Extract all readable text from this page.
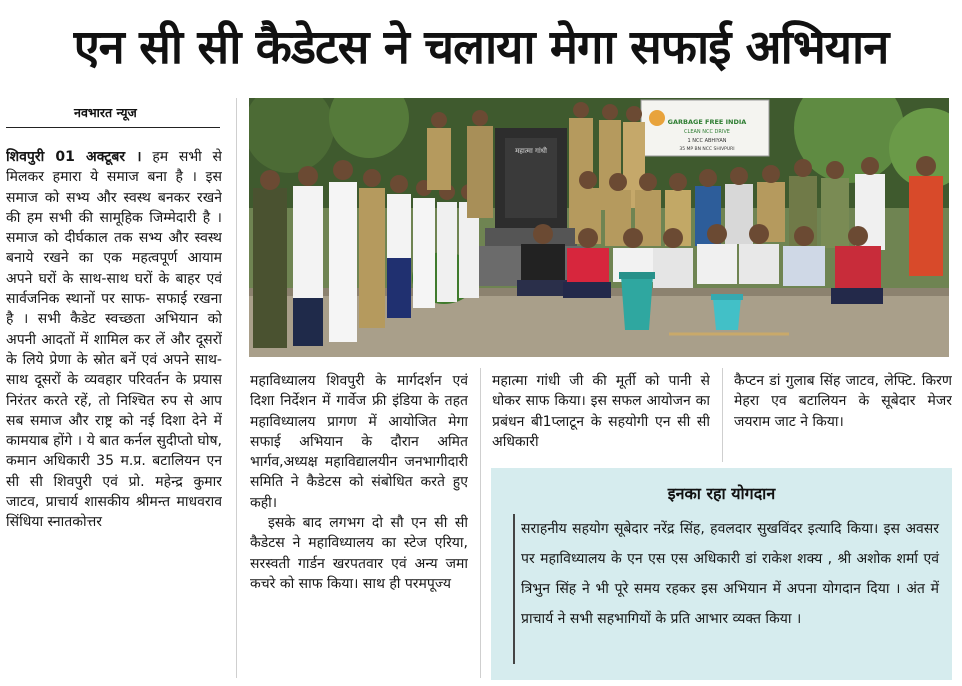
एन सी सी कैडेटस ने चलाया मेगा सफाई अभियान
नवभारत न्यूज

शिवपुरी 01 अक्टूबर । हम सभी से मिलकर हमारा ये समाज बना है । इस समाज को सभ्य और स्वस्थ बनकर रखने की हम सभी की सामूहिक जिम्मेदारी है । समाज को दीर्घकाल तक सभ्य और स्वस्थ बनाये रखने का एक महत्वपूर्ण आयाम अपने घरों के साथ-साथ घरों के बाहर एवं सार्वजनिक स्थानों पर साफ- सफाई रखना है । सभी कैडेट स्वच्छता अभियान को अपनी आदतों में शामिल कर लें और दूसरों के लिये प्रेणा के स्रोत बनें एवं अपने साथ-साथ दूसरों के व्यवहार परिवर्तन के प्रयास निरंतर करते रहें, तो निश्चित रुप से आप सब समाज और राष्ट्र को नई दिशा देने में कामयाब होंगे । ये बात कर्नल सुदीप्तो घोष, कमान अधिकारी 35 म.प्र. बटालियन एन सी सी शिवपुरी एवं प्रो. महेन्द्र कुमार जाटव, प्राचार्य शासकीय श्रीमन्त माधवराव सिंधिया स्नातकोत्तर

महात्मा गांधी
GARBAGE FREE INDIA
CLEAN NCC DRIVE
1 NCC ABHIYAN
35 MP BN NCC SHIVPURI

महाविध्यालय शिवपुरी के मार्गदर्शन एवं दिशा निर्देशन में गार्वेज फ्री इंडिया के तहत महाविध्यालय प्रागण में आयोजित मेगा सफाई अभियान के दौरान अमित भार्गव,अध्यक्ष महाविद्यालयीन जनभागीदारी समिति ने कैडेटस को संबोधित करते हुए कही।

इसके बाद लगभग दो सौ एन सी सी कैडेटस ने महाविध्यालय का स्टेज एरिया, सरस्वती गार्डन खरपतवार एवं अन्य जमा कचरे को साफ किया। साथ ही परमपूज्य

महात्मा गांधी जी की मूर्ती को पानी से धोकर साफ किया। इस सफल आयोजन का प्रबंधन बी1प्लाटून के सहयोगी एन सी सी अधिकारी

कैप्टन डां गुलाब सिंह जाटव, लेफ्टि. किरण मेहरा एव बटालियन के सूबेदार मेजर जयराम जाट ने किया।

इनका रहा योगदान
सराहनीय सहयोग सूबेदार नरेंद्र सिंह, हवलदार सुखविंदर इत्यादि किया। इस अवसर पर महाविध्यालय के एन एस एस अधिकारी डां राकेश शक्य , श्री अशोक शर्मा एवं त्रिभुन सिंह ने भी पूरे समय रहकर इस अभियान में अपना योगदान दिया । अंत में प्राचार्य ने सभी सहभागियों के प्रति आभार व्यक्त किया ।
